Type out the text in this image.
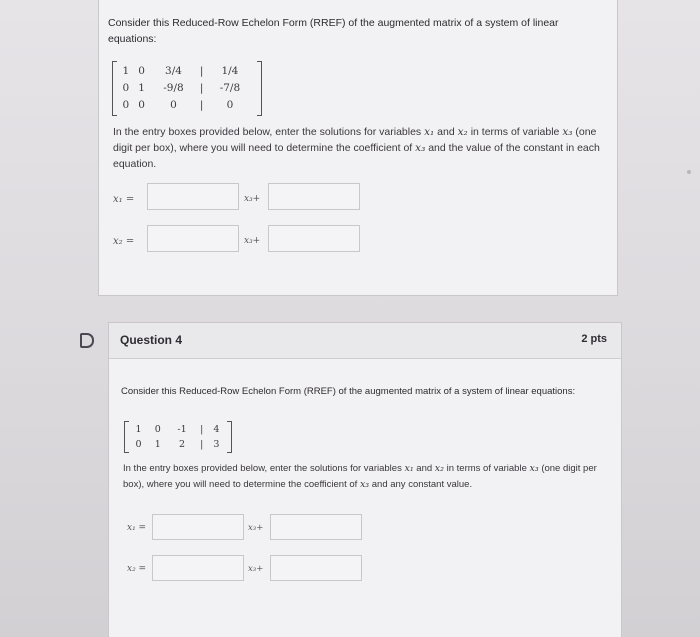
Consider this Reduced-Row Echelon Form (RREF) of the augmented matrix of a system of linear equations:
1	0	3/4	|	1/4
0	1	-9/8	|	-7/8
0	0	0	|	0
In the entry boxes provided below, enter the solutions for variables x₁ and x₂ in terms of variable x₃ (one digit per box), where you will need to determine the coefficient of x₃ and the value of the constant in each equation.
x₁ =	x₃+
x₂ =	x₃+
Question 4	2 pts
Consider this Reduced-Row Echelon Form (RREF) of the augmented matrix of a system of linear equations:
1	0	-1	|	4
0	1	2	|	3
In the entry boxes provided below, enter the solutions for variables x₁ and x₂ in terms of variable x₃ (one digit per box), where you will need to determine the coefficient of x₃ and any constant value.
x₁ =	x₃+
x₂ =	x₃+
